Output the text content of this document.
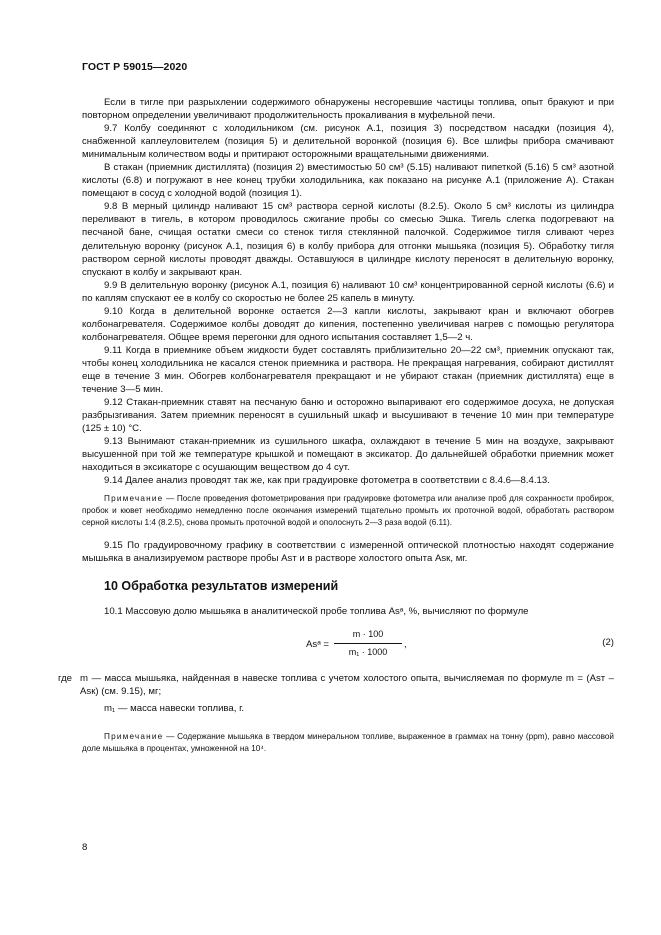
ГОСТ Р 59015—2020

Если в тигле при разрыхлении содержимого обнаружены несгоревшие частицы топлива, опыт бракуют и при повторном определении увеличивают продолжительность прокаливания в муфельной печи.

9.7 Колбу соединяют с холодильником (см. рисунок А.1, позиция 3) посредством насадки (позиция 4), снабженной каплеуловителем (позиция 5) и делительной воронкой (позиция 6). Все шлифы прибора смачивают минимальным количеством воды и притирают осторожными вращательными движениями.

В стакан (приемник дистиллята) (позиция 2) вместимостью 50 см³ (5.15) наливают пипеткой (5.16) 5 см³ азотной кислоты (6.8) и погружают в нее конец трубки холодильника, как показано на рисунке А.1 (приложение А). Стакан помещают в сосуд с холодной водой (позиция 1).

9.8 В мерный цилиндр наливают 15 см³ раствора серной кислоты (8.2.5). Около 5 см³ кислоты из цилиндра переливают в тигель, в котором проводилось сжигание пробы со смесью Эшка. Тигель слегка подогревают на песчаной бане, счищая остатки смеси со стенок тигля стеклянной палочкой. Содержимое тигля сливают через делительную воронку (рисунок А.1, позиция 6) в колбу прибора для отгонки мышьяка (позиция 5). Обработку тигля раствором серной кислоты проводят дважды. Оставшуюся в цилиндре кислоту переносят в делительную воронку, спускают в колбу и закрывают кран.

9.9 В делительную воронку (рисунок А.1, позиция 6) наливают 10 см³ концентрированной серной кислоты (6.6) и по каплям спускают ее в колбу со скоростью не более 25 капель в минуту.

9.10 Когда в делительной воронке остается 2—3 капли кислоты, закрывают кран и включают обогрев колбонагревателя. Содержимое колбы доводят до кипения, постепенно увеличивая нагрев с помощью регулятора колбонагревателя. Общее время перегонки для одного испытания составляет 1,5—2 ч.

9.11 Когда в приемнике объем жидкости будет составлять приблизительно 20—22 см³, приемник опускают так, чтобы конец холодильника не касался стенок приемника и раствора. Не прекращая нагревания, собирают дистиллят еще в течение 3 мин. Обогрев колбонагревателя прекращают и не убирают стакан (приемник дистиллята) еще в течение 3—5 мин.

9.12 Стакан-приемник ставят на песчаную баню и осторожно выпаривают его содержимое досуха, не допуская разбрызгивания. Затем приемник переносят в сушильный шкаф и высушивают в течение 10 мин при температуре (125 ± 10) °С.

9.13 Вынимают стакан-приемник из сушильного шкафа, охлаждают в течение 5 мин на воздухе, закрывают высушенной при той же температуре крышкой и помещают в эксикатор. До дальнейшей обработки приемник может находиться в эксикаторе с осушающим веществом до 4 сут.

9.14 Далее анализ проводят так же, как при градуировке фотометра в соответствии с 8.4.6—8.4.13.

Примечание — После проведения фотометрирования при градуировке фотометра или анализе проб для сохранности пробирок, пробок и кювет необходимо немедленно после окончания измерений тщательно промыть их проточной водой, обработать раствором серной кислоты 1:4 (8.2.5), снова промыть проточной водой и ополоснуть 2—3 раза водой (6.11).

9.15 По градуировочному графику в соответствии с измеренной оптической плотностью находят содержание мышьяка в анализируемом растворе пробы Asт и в растворе холостого опыта Asк, мг.

10 Обработка результатов измерений

10.1 Массовую долю мышьяка в аналитической пробе топлива Asᵃ, %, вычисляют по формуле

Asᵃ =
m · 100
m₁ · 1000
,	(2)
где m — масса мышьяка, найденная в навеске топлива с учетом холостого опыта, вычисляемая по формуле m = (Asт – Asк) (см. 9.15), мг;

m₁ — масса навески топлива, г.

Примечание — Содержание мышьяка в твердом минеральном топливе, выраженное в граммах на тонну (ppm), равно массовой доле мышьяка в процентах, умноженной на 10⁴.

8
